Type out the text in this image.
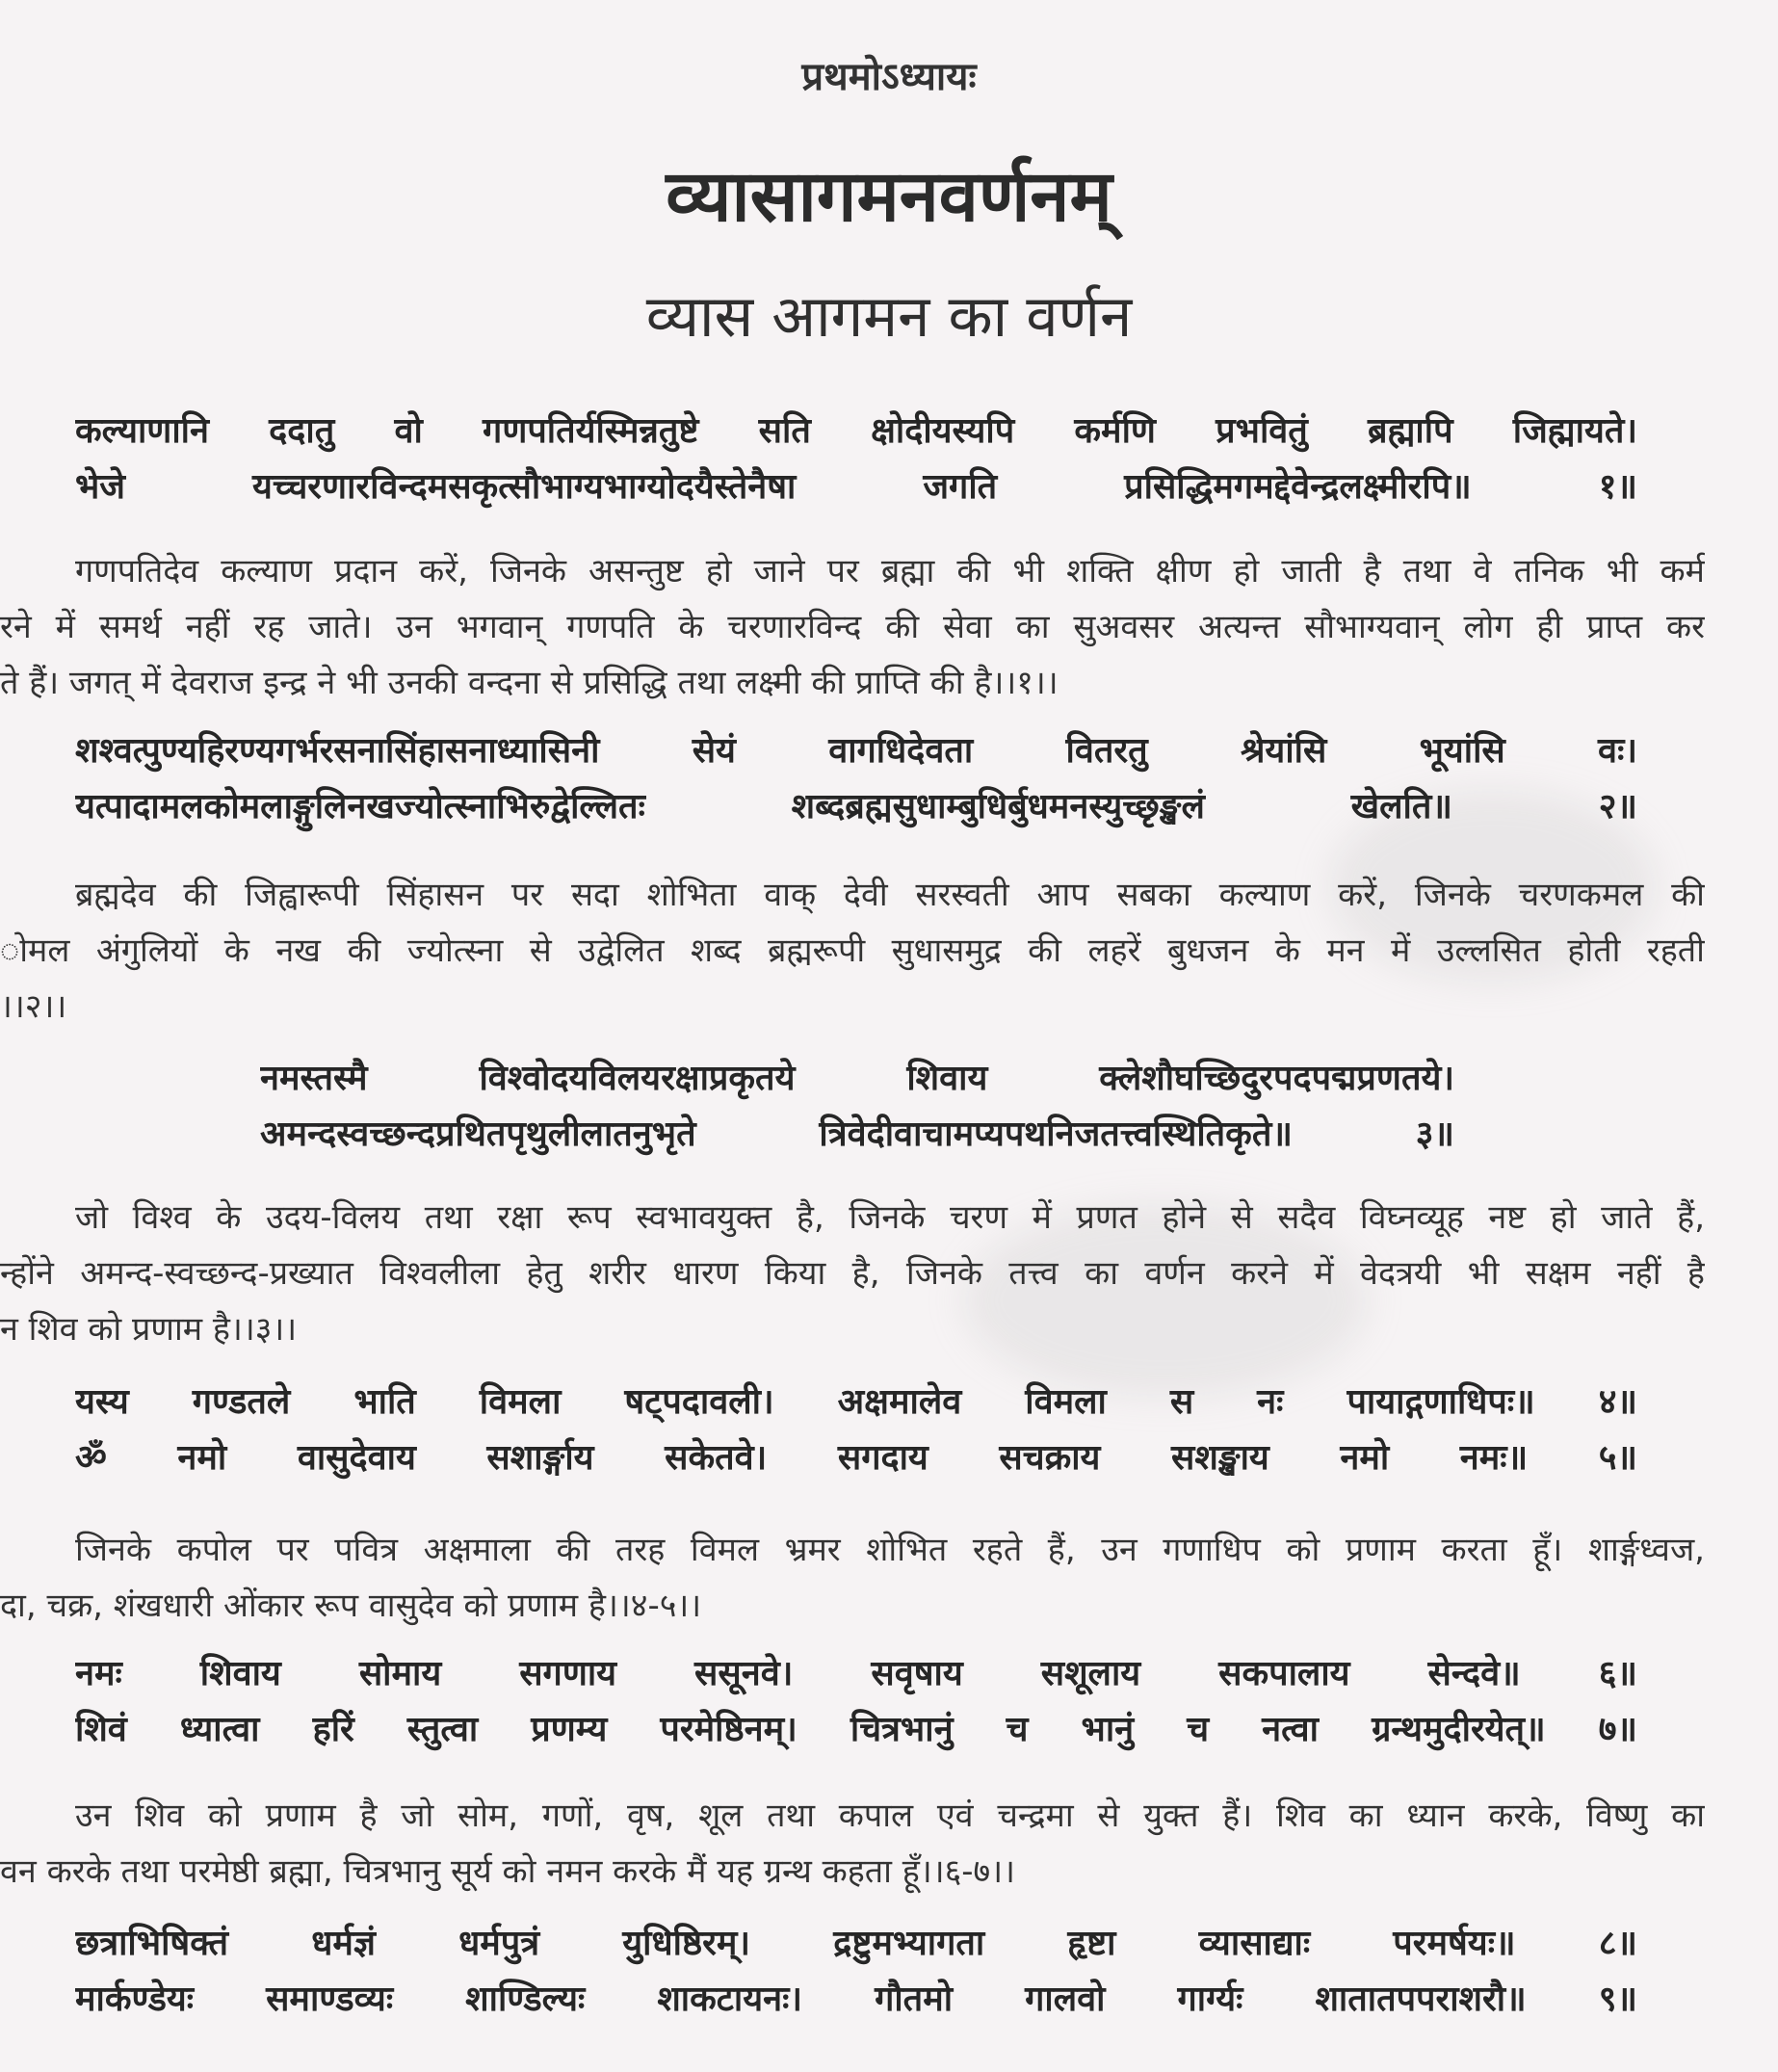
प्रथमोऽध्यायः
व्यासागमनवर्णनम्
व्यास आगमन का वर्णन
कल्याणानि ददातु वो गणपतिर्यस्मिन्नतुष्टे सति क्षोदीयस्यपि कर्मणि प्रभवितुं ब्रह्मापि जिह्मायते।
भेजे यच्चरणारविन्दमसकृत्सौभाग्यभाग्योदयैस्तेनैषा जगति प्रसिद्धिमगमद्देवेन्द्रलक्ष्मीरपि॥ १॥
गणपतिदेव कल्याण प्रदान करें, जिनके असन्तुष्ट हो जाने पर ब्रह्मा की भी शक्ति क्षीण हो जाती है तथा वे तनिक भी कर्म
रने में समर्थ नहीं रह जाते। उन भगवान् गणपति के चरणारविन्द की सेवा का सुअवसर अत्यन्त सौभाग्यवान् लोग ही प्राप्त कर
ते हैं। जगत् में देवराज इन्द्र ने भी उनकी वन्दना से प्रसिद्धि तथा लक्ष्मी की प्राप्ति की है।।१।।
शश्वत्पुण्यहिरण्यगर्भरसनासिंहासनाध्यासिनी सेयं वागधिदेवता वितरतु श्रेयांसि भूयांसि वः।
यत्पादामलकोमलाङ्गुलिनखज्योत्स्नाभिरुद्वेल्लितः शब्दब्रह्मसुधाम्बुधिर्बुधमनस्युच्छृङ्खलं खेलति॥ २॥
ब्रह्मदेव की जिह्वारूपी सिंहासन पर सदा शोभिता वाक् देवी सरस्वती आप सबका कल्याण करें, जिनके चरणकमल की
ोमल अंगुलियों के नख की ज्योत्स्ना से उद्वेलित शब्द ब्रह्मरूपी सुधासमुद्र की लहरें बुधजन के मन में उल्लसित होती रहती
।।२।।
नमस्तस्मै विश्वोदयविलयरक्षाप्रकृतये शिवाय क्लेशौघच्छिदुरपदपद्मप्रणतये।
अमन्दस्वच्छन्दप्रथितपृथुलीलातनुभृते त्रिवेदीवाचामप्यपथनिजतत्त्वस्थितिकृते॥ ३॥
जो विश्व के उदय-विलय तथा रक्षा रूप स्वभावयुक्त है, जिनके चरण में प्रणत होने से सदैव विघ्नव्यूह नष्ट हो जाते हैं,
न्होंने अमन्द-स्वच्छन्द-प्रख्यात विश्वलीला हेतु शरीर धारण किया है, जिनके तत्त्व का वर्णन करने में वेदत्रयी भी सक्षम नहीं है
न शिव को प्रणाम है।।३।।
यस्य गण्डतले भाति विमला षट्पदावली। अक्षमालेव विमला स नः पायाद्गणाधिपः॥ ४॥
ॐ नमो वासुदेवाय सशार्ङ्गाय सकेतवे। सगदाय सचक्राय सशङ्खाय नमो नमः॥ ५॥
जिनके कपोल पर पवित्र अक्षमाला की तरह विमल भ्रमर शोभित रहते हैं, उन गणाधिप को प्रणाम करता हूँ। शार्ङ्गध्वज,
दा, चक्र, शंखधारी ओंकार रूप वासुदेव को प्रणाम है।।४-५।।
नमः शिवाय सोमाय सगणाय ससूनवे। सवृषाय सशूलाय सकपालाय सेन्दवे॥ ६॥
शिवं ध्यात्वा हरिं स्तुत्वा प्रणम्य परमेष्ठिनम्। चित्रभानुं च भानुं च नत्वा ग्रन्थमुदीरयेत्॥ ७॥
उन शिव को प्रणाम है जो सोम, गणों, वृष, शूल तथा कपाल एवं चन्द्रमा से युक्त हैं। शिव का ध्यान करके, विष्णु का
वन करके तथा परमेष्ठी ब्रह्मा, चित्रभानु सूर्य को नमन करके मैं यह ग्रन्थ कहता हूँ।।६-७।।
छत्राभिषिक्तं धर्मज्ञं धर्मपुत्रं युधिष्ठिरम्। द्रष्टुमभ्यागता हृष्टा व्यासाद्याः परमर्षयः॥ ८॥
मार्कण्डेयः समाण्डव्यः शाण्डिल्यः शाकटायनः। गौतमो गालवो गार्ग्यः शातातपपराशरौ॥ ९॥
